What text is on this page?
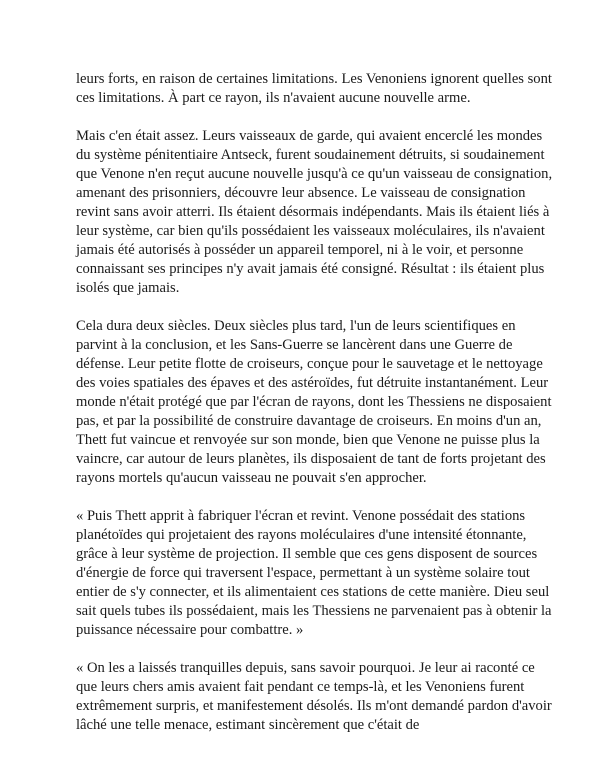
leurs forts, en raison de certaines limitations. Les Venoniens ignorent quelles sont ces limitations. À part ce rayon, ils n'avaient aucune nouvelle arme.

Mais c'en était assez. Leurs vaisseaux de garde, qui avaient encerclé les mondes du système pénitentiaire Antseck, furent soudainement détruits, si soudainement que Venone n'en reçut aucune nouvelle jusqu'à ce qu'un vaisseau de consignation, amenant des prisonniers, découvre leur absence. Le vaisseau de consignation revint sans avoir atterri. Ils étaient désormais indépendants. Mais ils étaient liés à leur système, car bien qu'ils possédaient les vaisseaux moléculaires, ils n'avaient jamais été autorisés à posséder un appareil temporel, ni à le voir, et personne connaissant ses principes n'y avait jamais été consigné. Résultat : ils étaient plus isolés que jamais.

Cela dura deux siècles. Deux siècles plus tard, l'un de leurs scientifiques en parvint à la conclusion, et les Sans-Guerre se lancèrent dans une Guerre de défense. Leur petite flotte de croiseurs, conçue pour le sauvetage et le nettoyage des voies spatiales des épaves et des astéroïdes, fut détruite instantanément. Leur monde n'était protégé que par l'écran de rayons, dont les Thessiens ne disposaient pas, et par la possibilité de construire davantage de croiseurs. En moins d'un an, Thett fut vaincue et renvoyée sur son monde, bien que Venone ne puisse plus la vaincre, car autour de leurs planètes, ils disposaient de tant de forts projetant des rayons mortels qu'aucun vaisseau ne pouvait s'en approcher.

« Puis Thett apprit à fabriquer l'écran et revint. Venone possédait des stations planétoïdes qui projetaient des rayons moléculaires d'une intensité étonnante, grâce à leur système de projection. Il semble que ces gens disposent de sources d'énergie de force qui traversent l'espace, permettant à un système solaire tout entier de s'y connecter, et ils alimentaient ces stations de cette manière. Dieu seul sait quels tubes ils possédaient, mais les Thessiens ne parvenaient pas à obtenir la puissance nécessaire pour combattre. »

« On les a laissés tranquilles depuis, sans savoir pourquoi. Je leur ai raconté ce que leurs chers amis avaient fait pendant ce temps-là, et les Venoniens furent extrêmement surpris, et manifestement désolés. Ils m'ont demandé pardon d'avoir lâché une telle menace, estimant sincèrement que c'était de
